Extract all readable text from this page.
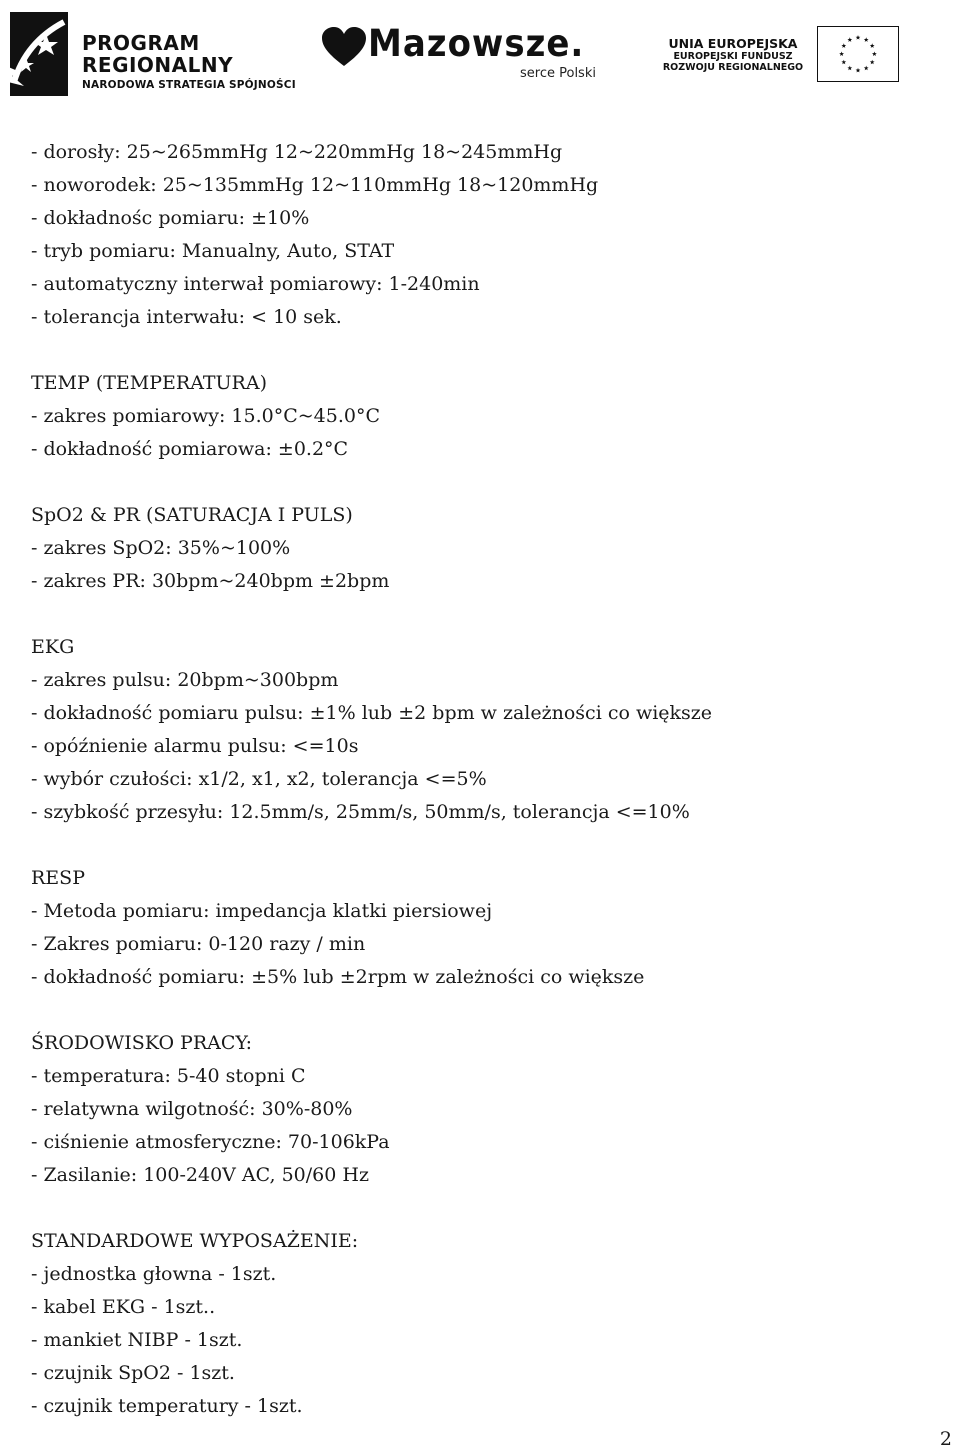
PROGRAM
REGIONALNY
NARODOWA STRATEGIA SPÓJNOŚCI
Mazowsze.
serce Polski
UNIA EUROPEJSKA
EUROPEJSKI FUNDUSZ
ROZWOJU REGIONALNEGO
- dorosły: 25~265mmHg 12~220mmHg 18~245mmHg
- noworodek: 25~135mmHg 12~110mmHg 18~120mmHg
- dokładnośc pomiaru: ±10%
- tryb pomiaru: Manualny, Auto, STAT
- automatyczny interwał pomiarowy: 1-240min
- tolerancja interwału: < 10 sek.
TEMP (TEMPERATURA)
- zakres pomiarowy: 15.0°C~45.0°C
- dokładność pomiarowa: ±0.2°C
SpO2 & PR (SATURACJA I PULS)
- zakres SpO2: 35%~100%
- zakres PR: 30bpm~240bpm ±2bpm
EKG
- zakres pulsu: 20bpm~300bpm
- dokładność pomiaru pulsu: ±1% lub ±2 bpm w zależności co większe
- opóźnienie alarmu pulsu: <=10s
- wybór czułości: x1/2, x1, x2, tolerancja <=5%
- szybkość przesyłu: 12.5mm/s, 25mm/s, 50mm/s, tolerancja <=10%
RESP
- Metoda pomiaru: impedancja klatki piersiowej
- Zakres pomiaru: 0-120 razy / min
- dokładność pomiaru: ±5% lub ±2rpm w zależności co większe
ŚRODOWISKO PRACY:
- temperatura: 5-40 stopni C
- relatywna wilgotność: 30%-80%
- ciśnienie atmosferyczne: 70-106kPa
- Zasilanie: 100-240V AC, 50/60 Hz
STANDARDOWE WYPOSAŻENIE:
- jednostka głowna - 1szt.
- kabel EKG - 1szt..
- mankiet NIBP - 1szt.
- czujnik SpO2 - 1szt.
- czujnik temperatury - 1szt.
2
